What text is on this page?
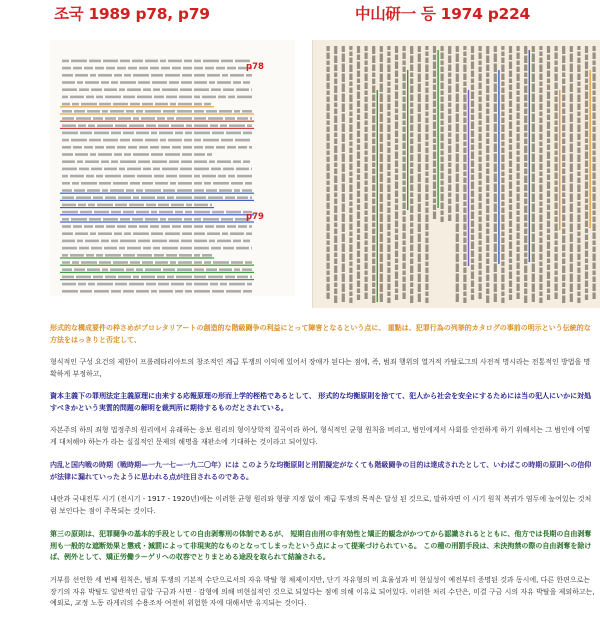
조국 1989 p78, p79	中山研一 등 1974 p224
p78
p79

形式的な構成要件の枠さめがプロレタリアートの創造的な階級闘争の利益にとって障害となるという点に、 重點は、犯罪行為の列挙的カタログの事前の明示という伝統的な方法をはっきりと否定して、

형식적인 구성 요건의 제한이 프롤레타리아트의 창조적인 계급 투쟁의 이익에 있어서 장애가 된다는 점에, 즉, 범죄 행위의 열거적 카탈로그의 사전적 명시라는 전통적인 방법을 명확하게 부정하고,

資本主義下の罪刑法定主義原理に由来する応報原理の形而上学的桎梏であるとして、 形式的な均衡原則を捨てて、犯人から社会を安全にするためには当の犯人にいかに対処すべきかという実質的問題の解明を裁判所に期待するものだとされている。

자본주의 하의 죄형 법정주의 원리에서 유래하는 응보 원리의 형이상학적 질곡이라 하여, 형식적인 균형 원칙을 버리고, 범인에게서 사회를 안전하게 하기 위해서는 그 범인에 어떻게 대처해야 하는가 라는 실질적인 문제의 해명을 재판소에 기대하는 것이라고 되어있다.

内乱と国内戦の時期（戦時期—一九一七—一九二〇年）には このような均衡原則と刑罰擬定がなくても階級闘争の目的は達成されたとして、いわばこの時期の原則への信仰が法律に漏れていったように思われる点が注目されるのである。

내란과 국내전투 시기 (전시기 - 1917 - 1920년)에는 이러한 균형 원리와 형량 지정 없이 계급 투쟁의 목적은 달성 된 것으로, 말하자면 이 시기 원칙 복귀가 염두에 높여있는 것처럼 보인다는 점이 주목되는 것이다.

第三の原則は、犯罪闘争の基本的手段としての自由剥奪刑の体制であるが、 短期自由刑の非有効性と矯正的観念がかつてから認識されるとともに、他方では長期の自由剥奪刑も一般的な遮断効果と懲戒・減罰によって非現実的なものとなってしまったという点によって提案づけられている。 この種の刑罰手段は、未決拘禁の際の自由剥奪を除けば、例外として、矯正労働ラーゲリへの収容でとりまとめる途段を取られて結論される。

거부를 선언한 세 번째 원칙은, 범죄 투쟁의 기본적 수단으로서의 자유 박탈 형 체제이지만, 단기 자유형의 비 효율성과 비 현실성이 예전부터 증명된 것과 동시에, 다른 한편으로는 장기의 자유 박탈도 일반적인 금압 구금과 사면 · 감형에 의해 비현실적인 것으로 되었다는 점에 의해 이유로 되어있다. 이러한 처리 수단은, 미결 구금 시의 자유 박탈을 제외하고는, 예외로, 교정 노동 라게리의 수용조차 여전히 위험한 자에 대해서만 유지되는 것이다.
